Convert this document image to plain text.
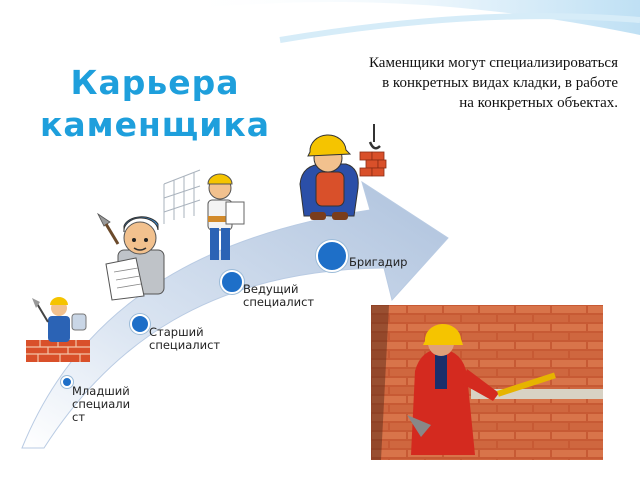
Карьера
каменщика
Каменщики могут специализироваться
в конкретных видах кладки, в работе
на конкретных объектах.
Младший
специали
ст
Старший
специалист
Ведущий
специалист
Бригадир
